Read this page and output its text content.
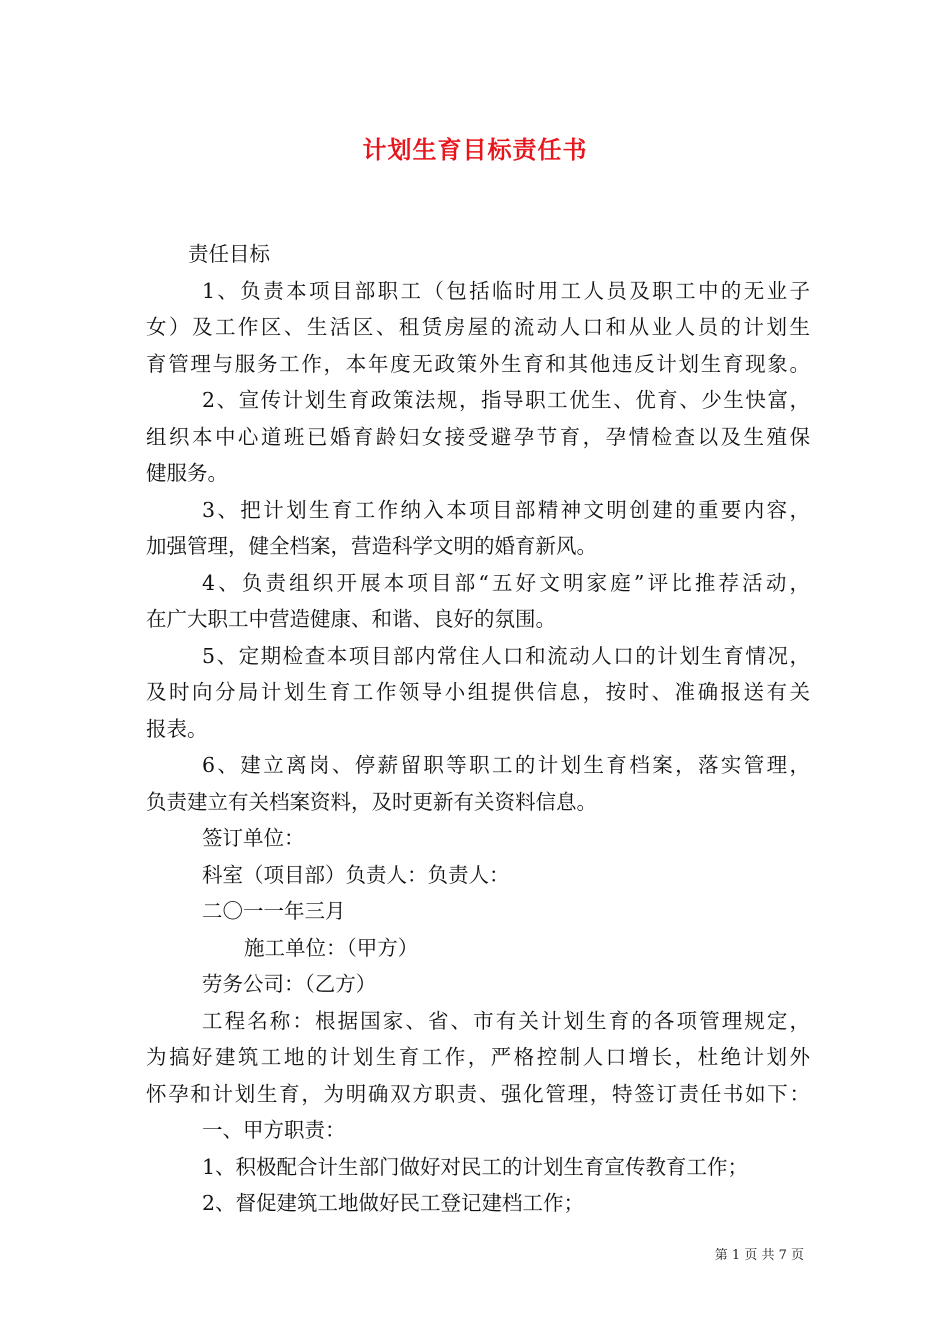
计划生育目标责任书
责任目标
1、负责本项目部职工（包括临时用工人员及职工中的无业子
女）及工作区、生活区、租赁房屋的流动人口和从业人员的计划生
育管理与服务工作，本年度无政策外生育和其他违反计划生育现象。
2、宣传计划生育政策法规，指导职工优生、优育、少生快富，
组织本中心道班已婚育龄妇女接受避孕节育，孕情检查以及生殖保
健服务。
3、把计划生育工作纳入本项目部精神文明创建的重要内容，
加强管理，健全档案，营造科学文明的婚育新风。
4、负责组织开展本项目部“五好文明家庭”评比推荐活动，
在广大职工中营造健康、和谐、良好的氛围。
5、定期检查本项目部内常住人口和流动人口的计划生育情况，
及时向分局计划生育工作领导小组提供信息，按时、准确报送有关
报表。
6、建立离岗、停薪留职等职工的计划生育档案，落实管理，
负责建立有关档案资料，及时更新有关资料信息。
签订单位：
科室（项目部）负责人：负责人：
二〇一一年三月
施工单位：（甲方）
劳务公司：（乙方）
工程名称：根据国家、省、市有关计划生育的各项管理规定，
为搞好建筑工地的计划生育工作，严格控制人口增长，杜绝计划外
怀孕和计划生育，为明确双方职责、强化管理，特签订责任书如下：
一、甲方职责：
1、积极配合计生部门做好对民工的计划生育宣传教育工作；
2、督促建筑工地做好民工登记建档工作；
第 1 页 共 7 页
